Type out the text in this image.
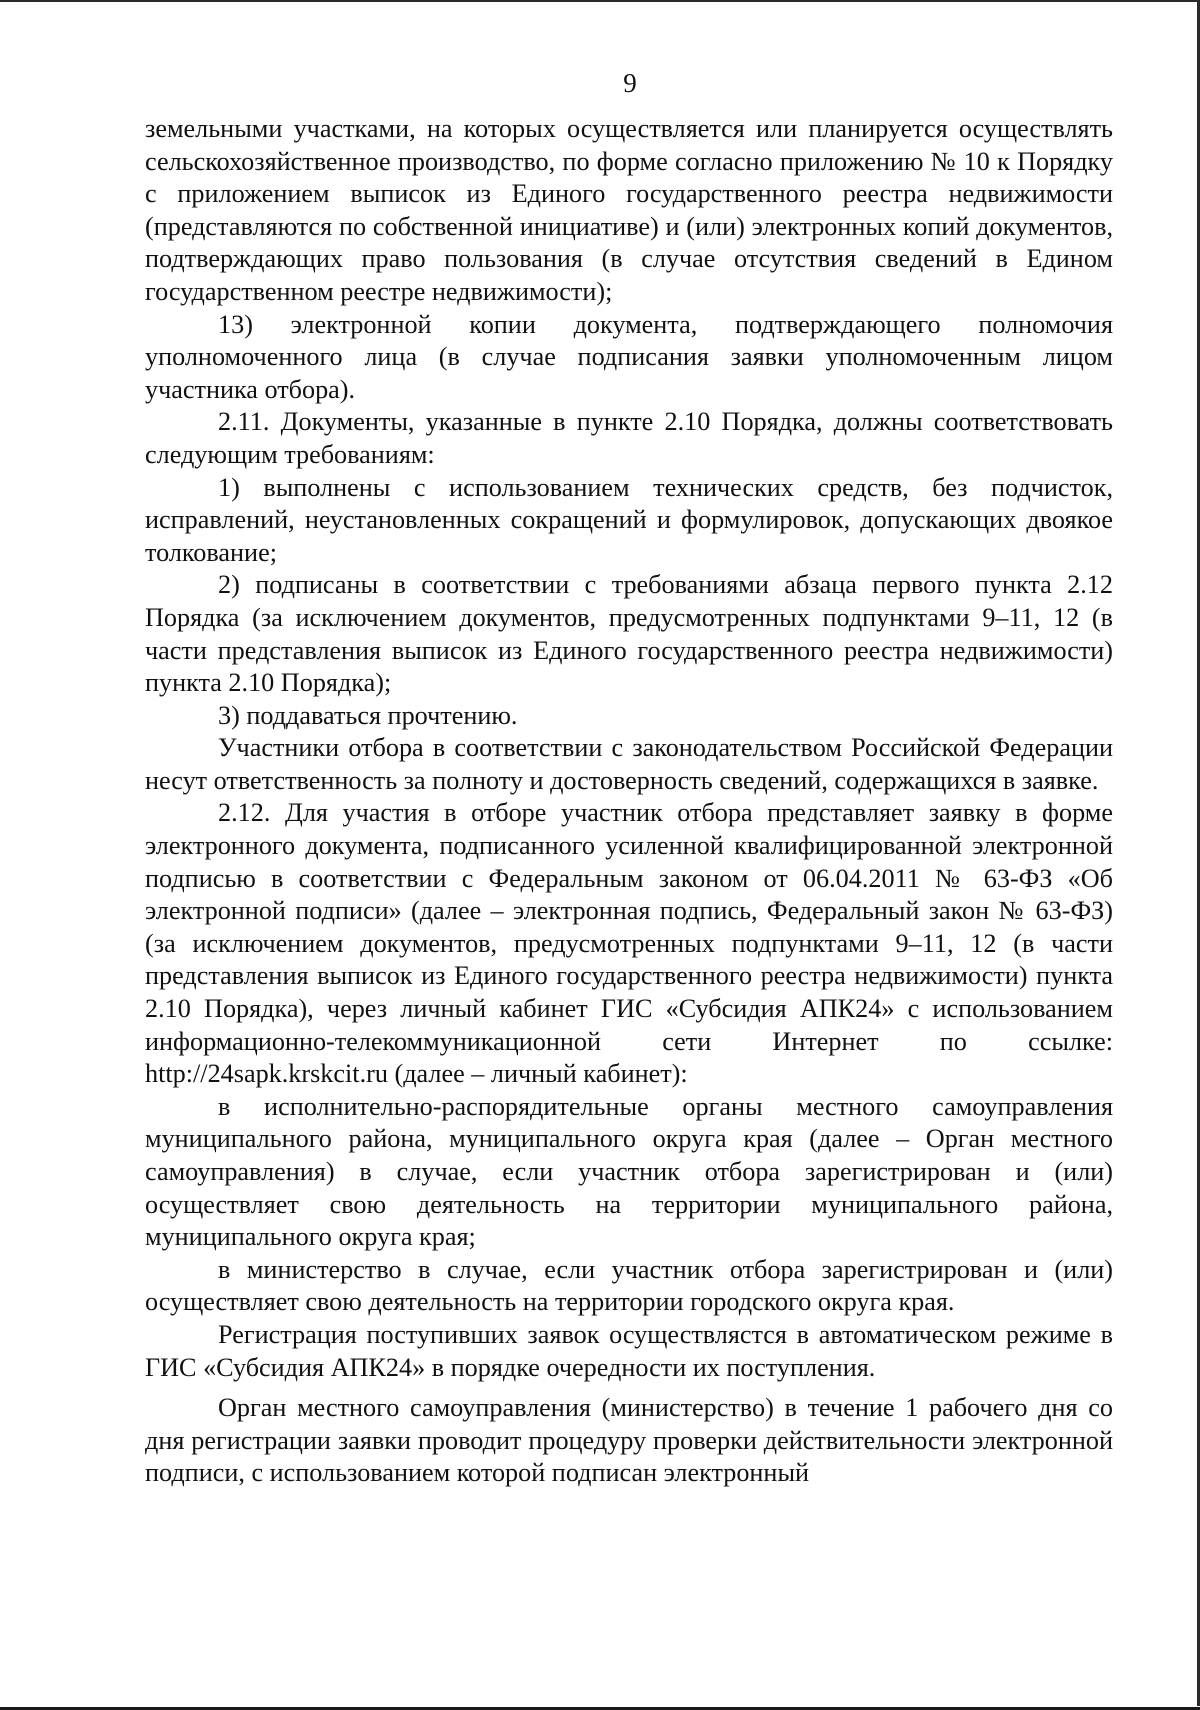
9

земельными участками, на которых осуществляется или планируется осуществлять сельскохозяйственное производство, по форме согласно приложению № 10 к Порядку с приложением выписок из Единого государственного реестра недвижимости (представляются по собственной инициативе) и (или) электронных копий документов, подтверждающих право пользования (в случае отсутствия сведений в Едином государственном реестре недвижимости);

13) электронной копии документа, подтверждающего полномочия уполномоченного лица (в случае подписания заявки уполномоченным лицом участника отбора).

2.11. Документы, указанные в пункте 2.10 Порядка, должны соответствовать следующим требованиям:

1) выполнены с использованием технических средств, без подчисток, исправлений, неустановленных сокращений и формулировок, допускающих двоякое толкование;

2) подписаны в соответствии с требованиями абзаца первого пункта 2.12 Порядка (за исключением документов, предусмотренных подпунктами 9–11, 12 (в части представления выписок из Единого государственного реестра недвижимости) пункта 2.10 Порядка);

3) поддаваться прочтению.

Участники отбора в соответствии с законодательством Российской Федерации несут ответственность за полноту и достоверность сведений, содержащихся в заявке.

2.12. Для участия в отборе участник отбора представляет заявку в форме электронного документа, подписанного усиленной квалифицированной электронной подписью в соответствии с Федеральным законом от 06.04.2011 № 63-ФЗ «Об электронной подписи» (далее – электронная подпись, Федеральный закон № 63-ФЗ) (за исключением документов, предусмотренных подпунктами 9–11, 12 (в части представления выписок из Единого государственного реестра недвижимости) пункта 2.10 Порядка), через личный кабинет ГИС «Субсидия АПК24» с использованием информационно-телекоммуникационной сети Интернет по ссылке: http://24sapk.krskcit.ru (далее – личный кабинет):

в исполнительно-распорядительные органы местного самоуправления муниципального района, муниципального округа края (далее – Орган местного самоуправления) в случае, если участник отбора зарегистрирован и (или) осуществляет свою деятельность на территории муниципального района, муниципального округа края;

в министерство в случае, если участник отбора зарегистрирован и (или) осуществляет свою деятельность на территории городского округа края.

Регистрация поступивших заявок осуществлястся в автоматическом режиме в ГИС «Субсидия АПК24» в порядке очередности их поступления.

Орган местного самоуправления (министерство) в течение 1 рабочего дня со дня регистрации заявки проводит процедуру проверки действительности электронной подписи, с использованием которой подписан электронный
